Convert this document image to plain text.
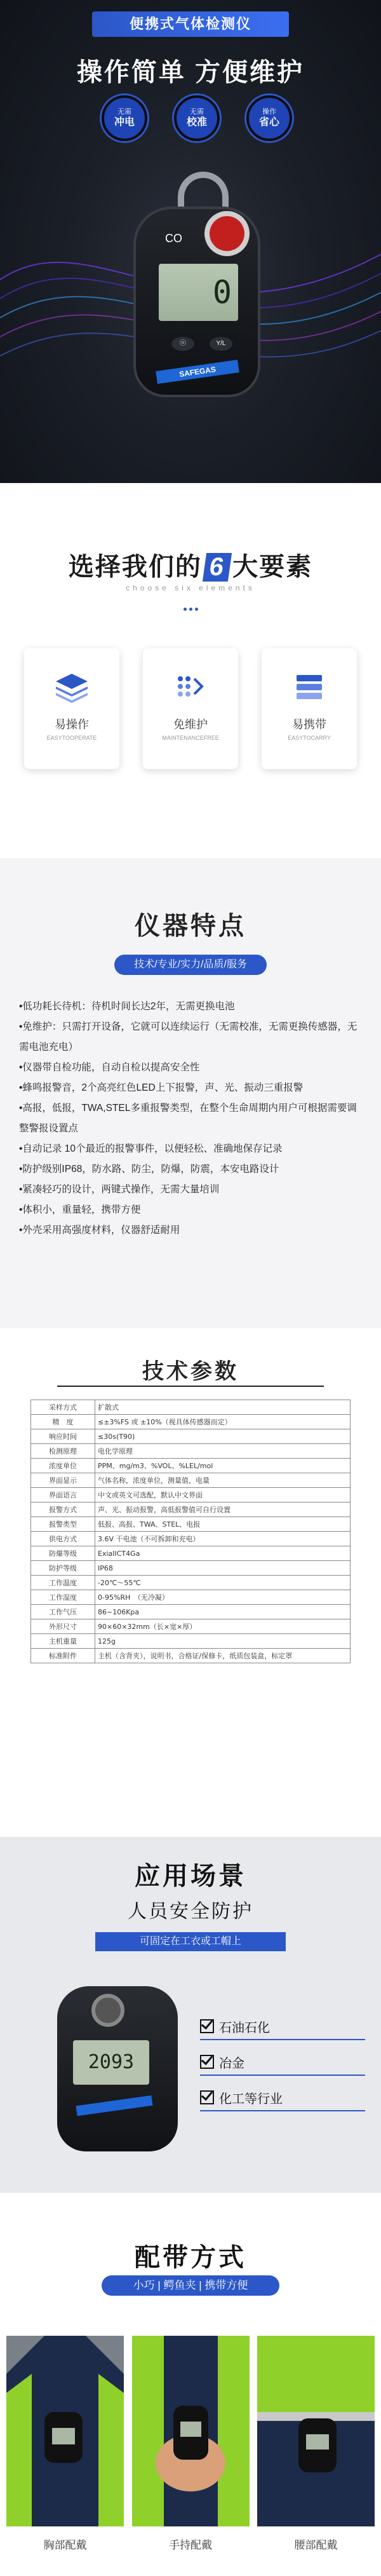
便携式气体检测仪
操作简单 方便维护
无需
冲电
无需
校准
操作
省心
CO
0
ⓞ	Y/L
SAFEGAS
选择我们的 6 大要素
choose six elements
易操作
EASYTOOPERATE
免维护
MAINTENANCEFREE
易携带
EASYTOCARRY
仪器特点
技术/专业/实力/品质/服务
•低功耗长待机：待机时间长达2年，无需更换电池
•免维护：只需打开设备，它就可以连续运行（无需校准，无需更换传感器，无需电池充电）
•仪器带自检功能，自动自检以提高安全性
•蜂鸣报警音，2个高亮红色LED上下报警，声、光、振动三重报警
•高报，低报，TWA,STEL多重报警类型，在整个生命周期内用户可根据需要调整警报设置点
•自动记录 10个最近的报警事件，以便轻松、准确地保存记录
•防护级别IP68，防水路、防尘，防爆，防震，本安电路设计
•紧凑轻巧的设计，两键式操作，无需大量培训
•体积小，重量轻，携带方便
•外壳采用高强度材料，仪器舒适耐用
技术参数
采样方式	扩散式
精　度	≤±3%FS 或 ±10%（视具体传感器而定）
响应时间	≤30s(T90)
检测原理	电化学原理
浓度单位	PPM、mg/m3、%VOL、%LEL/mol
界面显示	气体名称，浓度单位，测量值，电量
界面语言	中文或英文可选配，默认中文界面
报警方式	声、光、振动报警，高低报警值可自行设置
报警类型	低报、高报、TWA、STEL、电报
供电方式	3.6V 干电池（不可拆卸和充电）
防爆等级	ExiaIICT4Ga
防护等级	IP68
工作温度	-20℃～55℃
工作湿度	0-95%RH　（无冷凝）
工作气压	86~106Kpa
外形尺寸	90×60×32mm（长×宽×厚）
主机重量	125g
标准附件	主机（含背夹），说明书，合格证/保修卡，纸质包装盒，标定罩
应用场景
人员安全防护
可固定在工衣或工帽上
2093
石油石化
冶金
化工等行业
配带方式
小巧 | 鳄鱼夹 | 携带方便
胸部配戴	手持配戴	腰部配戴
